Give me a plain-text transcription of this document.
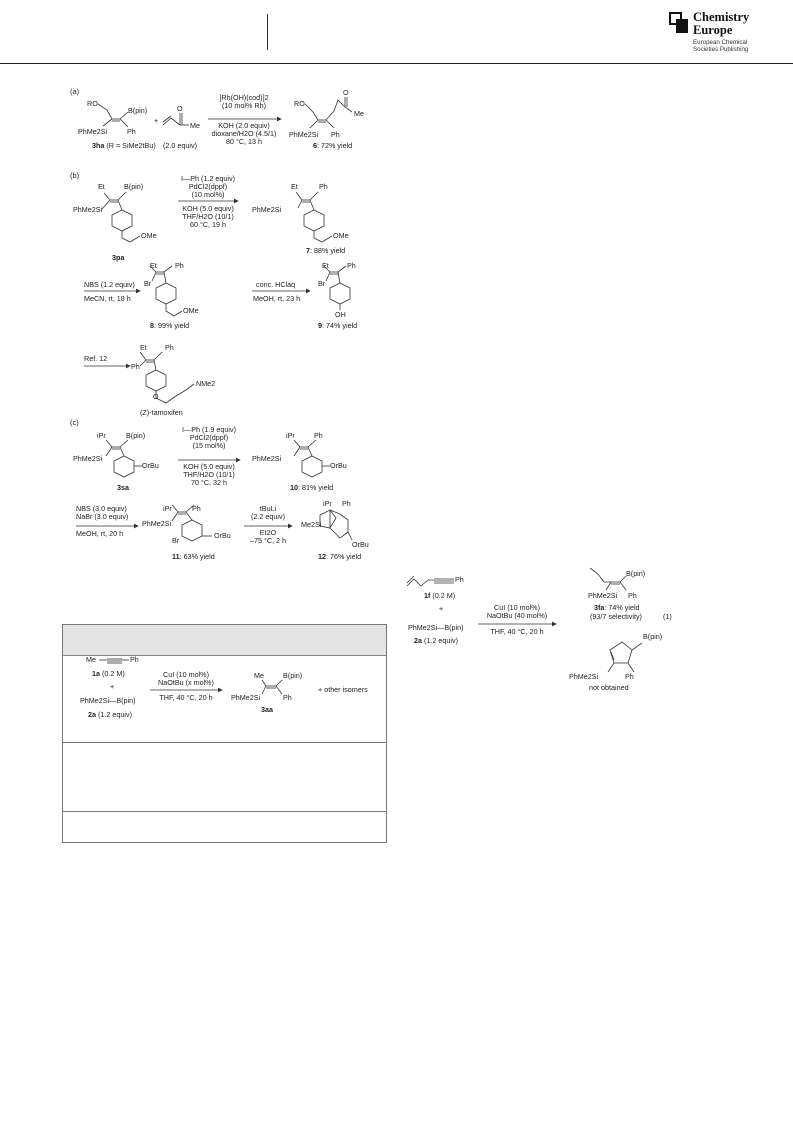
Chemistry
Europe
European Chemical
Societies Publishing
(a)
RO
B(pin)
PhMe2Si	Ph
+
O
Me
[Rh(OH)(cod)]2
(10 mol% Rh)
KOH (2.0 equiv)
dioxane/H2O (4.5/1)
80 °C, 13 h
3ha (R = SiMe2tBu) (2.0 equiv)
RO
O
Me
PhMe2Si Ph
6: 72% yield
(b)
Et	B(pin)
PhMe2Si
OMe
3pa
I—Ph (1.2 equiv)
PdCl2(dppf)
(10 mol%)
KOH (5.0 equiv)
THF/H2O (10/1)
60 °C, 19 h
Et	Ph
PhMe2Si
OMe
7: 88% yield
NBS (1.2 equiv)
MeCN, rt, 18 h
Et	Ph
Br
OMe
8: 99% yield
conc. HClaq
MeOH, rt, 23 h
Et	Ph
Br
OH
9: 74% yield
Ref. 12
Et	Ph
Ph
O
NMe2
(Z)-tamoxifen
(c)
iPr	B(pin)
PhMe2Si
OrBu
3sa
I—Ph (1.9 equiv)
PdCl2(dppf)
(15 mol%)
KOH (5.0 equiv)
THF/H2O (10/1)
70 °C, 32 h
iPr	Ph
PhMe2Si
OrBu
10: 81% yield
NBS (3.0 equiv)
NaBr (3.0 equiv)
MeOH, rt, 20 h
iPr	Ph
PhMe2Si
Br
OrBu
11: 63% yield
tBuLi
(2.2 equiv)
Et2O
–75 °C, 2 h
iPr Ph
Me2Si
OrBu
12: 76% yield
Me	Ph
1a (0.2 M)
+
PhMe2Si—B(pin)
2a (1.2 equiv)
CuI (10 mol%)
NaOtBu (x mol%)
THF, 40 °C, 20 h
Me	B(pin)
PhMe2Si	Ph
3aa
+ other isomers
Ph
1f (0.2 M)
+
PhMe2Si—B(pin)
2a (1.2 equiv)
CuI (10 mol%)
NaOtBu (40 mol%)
THF, 40 °C, 20 h
B(pin)
PhMe2Si Ph
3fa: 74% yield
(93/7 selectivity)	(1)
B(pin)
PhMe2Si	Ph
not obtained
